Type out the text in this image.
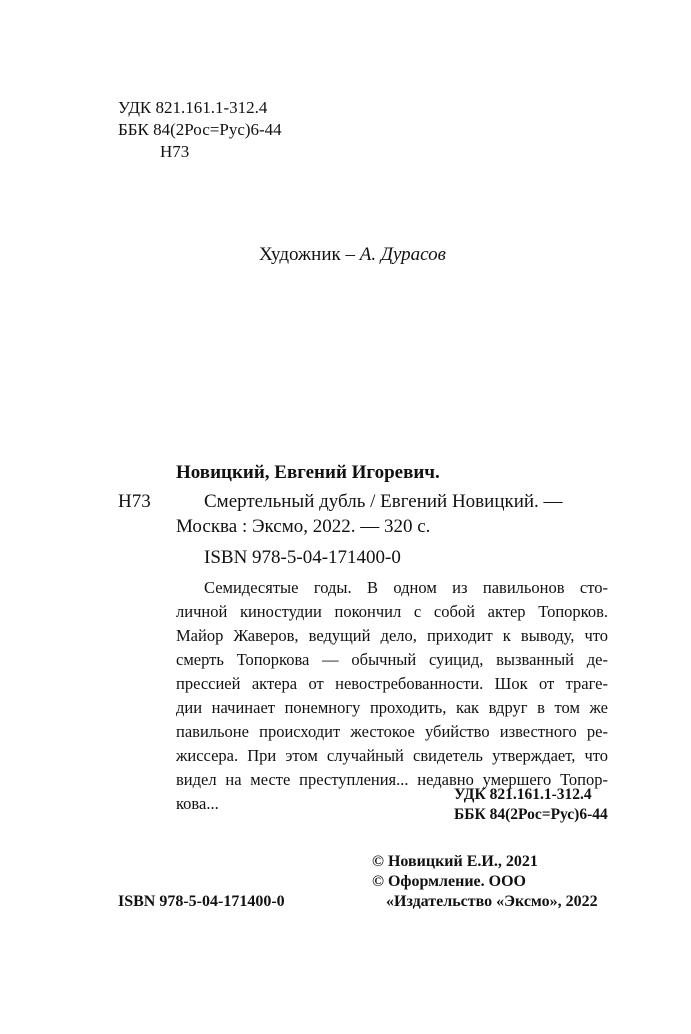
УДК 821.161.1-312.4
ББК 84(2Рос=Рус)6-44
Н73
Художник – А. Дурасов
Новицкий, Евгений Игоревич.
Н73	Смертельный дубль / Евгений Новицкий. —
Москва : Эксмо, 2022. — 320 с.
ISBN 978-5-04-171400-0
Семидесятые годы. В одном из павильонов сто-
личной киностудии покончил с собой актер Топорков.
Майор Жаверов, ведущий дело, приходит к выводу, что
смерть Топоркова — обычный суицид, вызванный де-
прессией актера от невостребованности. Шок от траге-
дии начинает понемногу проходить, как вдруг в том же
павильоне происходит жестокое убийство известного ре-
жиссера. При этом случайный свидетель утверждает, что
видел на месте преступления... недавно умершего Топор-
кова...	УДК 821.161.1-312.4
ББК 84(2Рос=Рус)6-44
© Новицкий Е.И., 2021
© Оформление. ООО
ISBN 978-5-04-171400-0	«Издательство «Эксмо», 2022
